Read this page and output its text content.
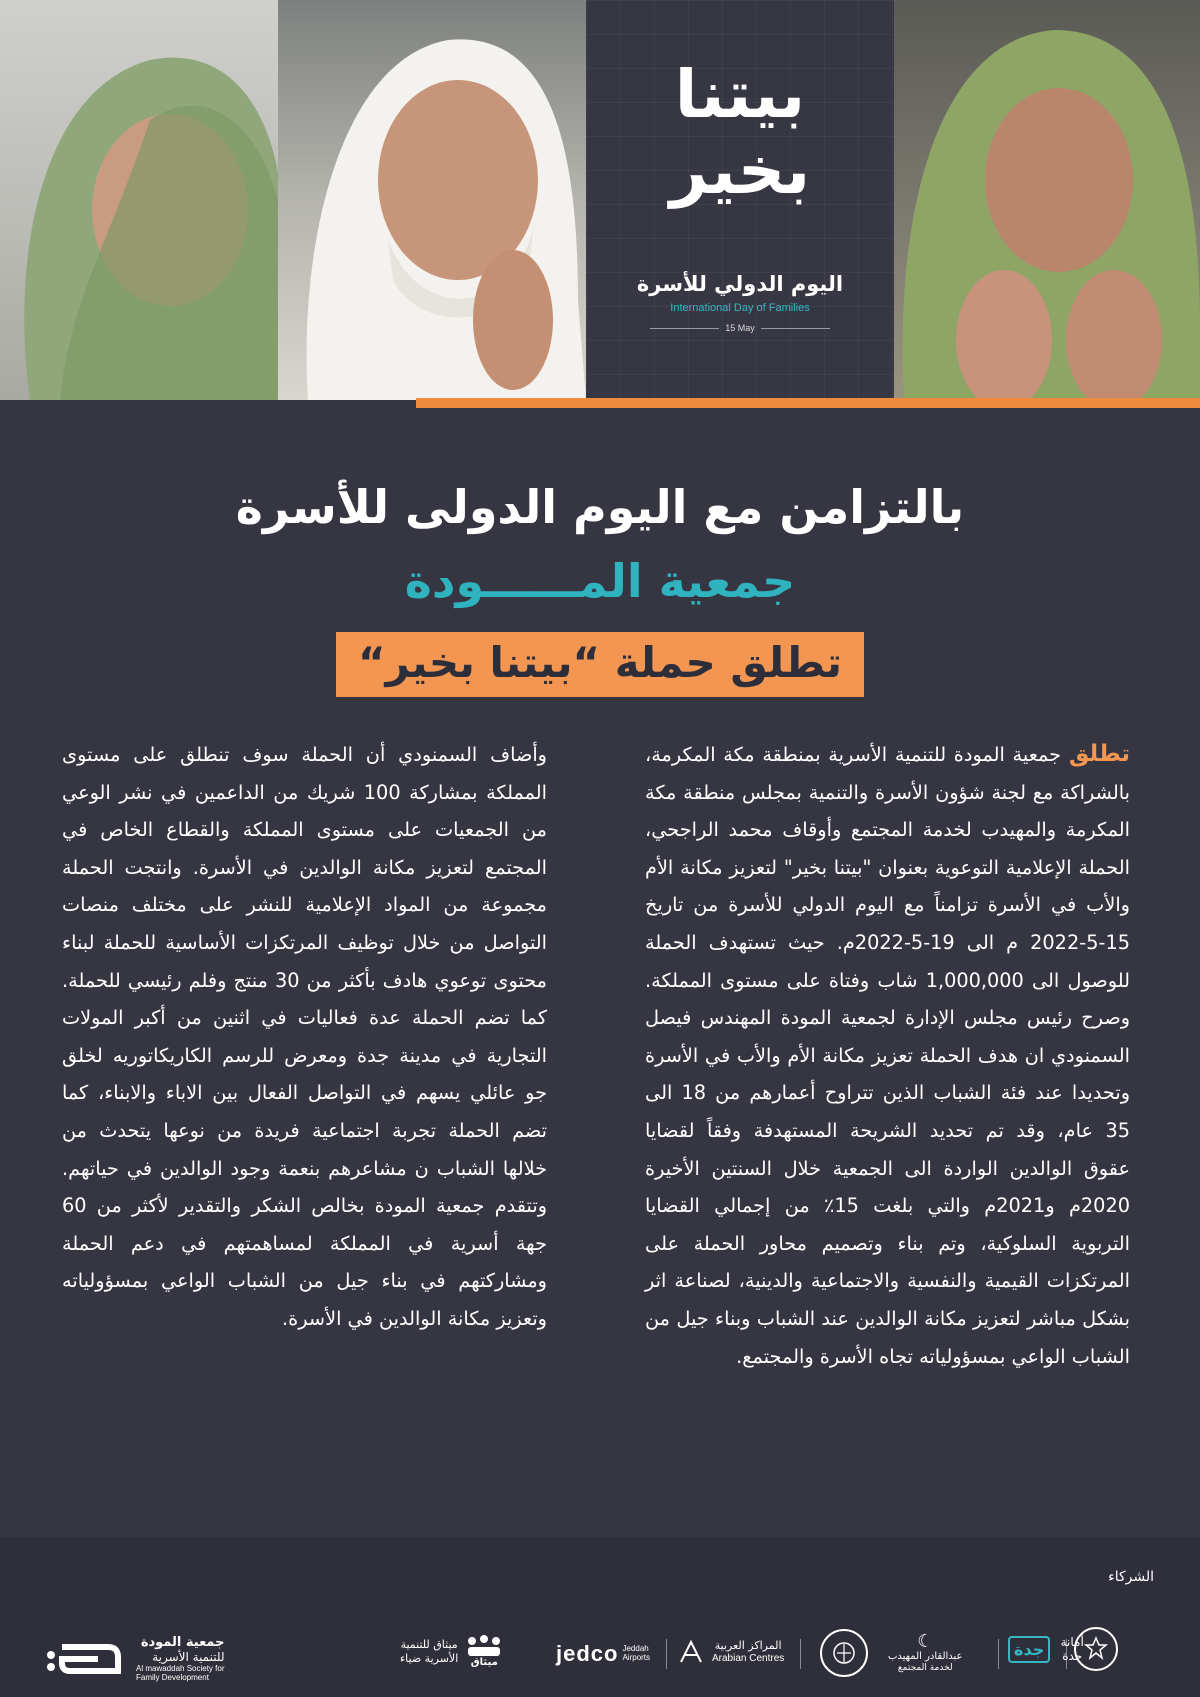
بيتنا
بخير
اليوم الدولي للأسرة
International Day of Families
15 May
بالتزامن مع اليوم الدولى للأسرة
جمعية المــــــودة
تطلق حملة “بيتنا بخير“
تطلق جمعية المودة للتنمية الأسرية بمنطقة مكة المكرمة، بالشراكة مع لجنة شؤون الأسرة والتنمية بمجلس منطقة مكة المكرمة والمهيدب لخدمة المجتمع وأوقاف محمد الراجحي، الحملة الإعلامية التوعوية بعنوان "بيتنا بخير" لتعزيز مكانة الأم والأب في الأسرة تزامناً مع اليوم الدولي للأسرة من تاريخ 15-5-2022 م الى 19-5-2022م. حيث تستهدف الحملة للوصول الى 1,000,000 شاب وفتاة على مستوى المملكة. وصرح رئيس مجلس الإدارة لجمعية المودة المهندس فيصل السمنودي ان هدف الحملة تعزيز مكانة الأم والأب في الأسرة وتحديدا عند فئة الشباب الذين تتراوح أعمارهم من 18 الى 35 عام، وقد تم تحديد الشريحة المستهدفة وفقاً لقضايا عقوق الوالدين الواردة الى الجمعية خلال السنتين الأخيرة 2020م و2021م والتي بلغت 15٪ من إجمالي القضايا التربوية السلوكية، وتم بناء وتصميم محاور الحملة على المرتكزات القيمية والنفسية والاجتماعية والدينية، لصناعة اثر بشكل مباشر لتعزيز مكانة الوالدين عند الشباب وبناء جيل من الشباب الواعي بمسؤولياته تجاه الأسرة والمجتمع.
وأضاف السمنودي أن الحملة سوف تنطلق على مستوى المملكة بمشاركة 100 شريك من الداعمين في نشر الوعي من الجمعيات على مستوى المملكة والقطاع الخاص في المجتمع لتعزيز مكانة الوالدين في الأسرة. وانتجت الحملة مجموعة من المواد الإعلامية للنشر على مختلف منصات التواصل من خلال توظيف المرتكزات الأساسية للحملة لبناء محتوى توعوي هادف بأكثر من 30 منتج وفلم رئيسي للحملة. كما تضم الحملة عدة فعاليات في اثنين من أكبر المولات التجارية في مدينة جدة ومعرض للرسم الكاريكاتوريه لخلق جو عائلي يسهم في التواصل الفعال بين الاباء والابناء، كما تضم الحملة تجربة اجتماعية فريدة من نوعها يتحدث من خلالها الشباب ن مشاعرهم بنعمة وجود الوالدين في حياتهم. وتتقدم جمعية المودة بخالص الشكر والتقدير لأكثر من 60 جهة أسرية في المملكة لمساهمتهم في دعم الحملة ومشاركتهم في بناء جيل من الشباب الواعي بمسؤولياته وتعزيز مكانة الوالدين في الأسرة.
الشركاء
جدة	أمانة جدة
☾
عبدالقادر المهيدب
لخدمة المجتمع
المراكز العربية
Arabian Centres
jedco Jeddah
Airports
ميثاق للتنمية
الأسرية ضياء ميثاق
جمعية المودة
للتنمية الأسرية
Al mawaddah Society for
Family Development
